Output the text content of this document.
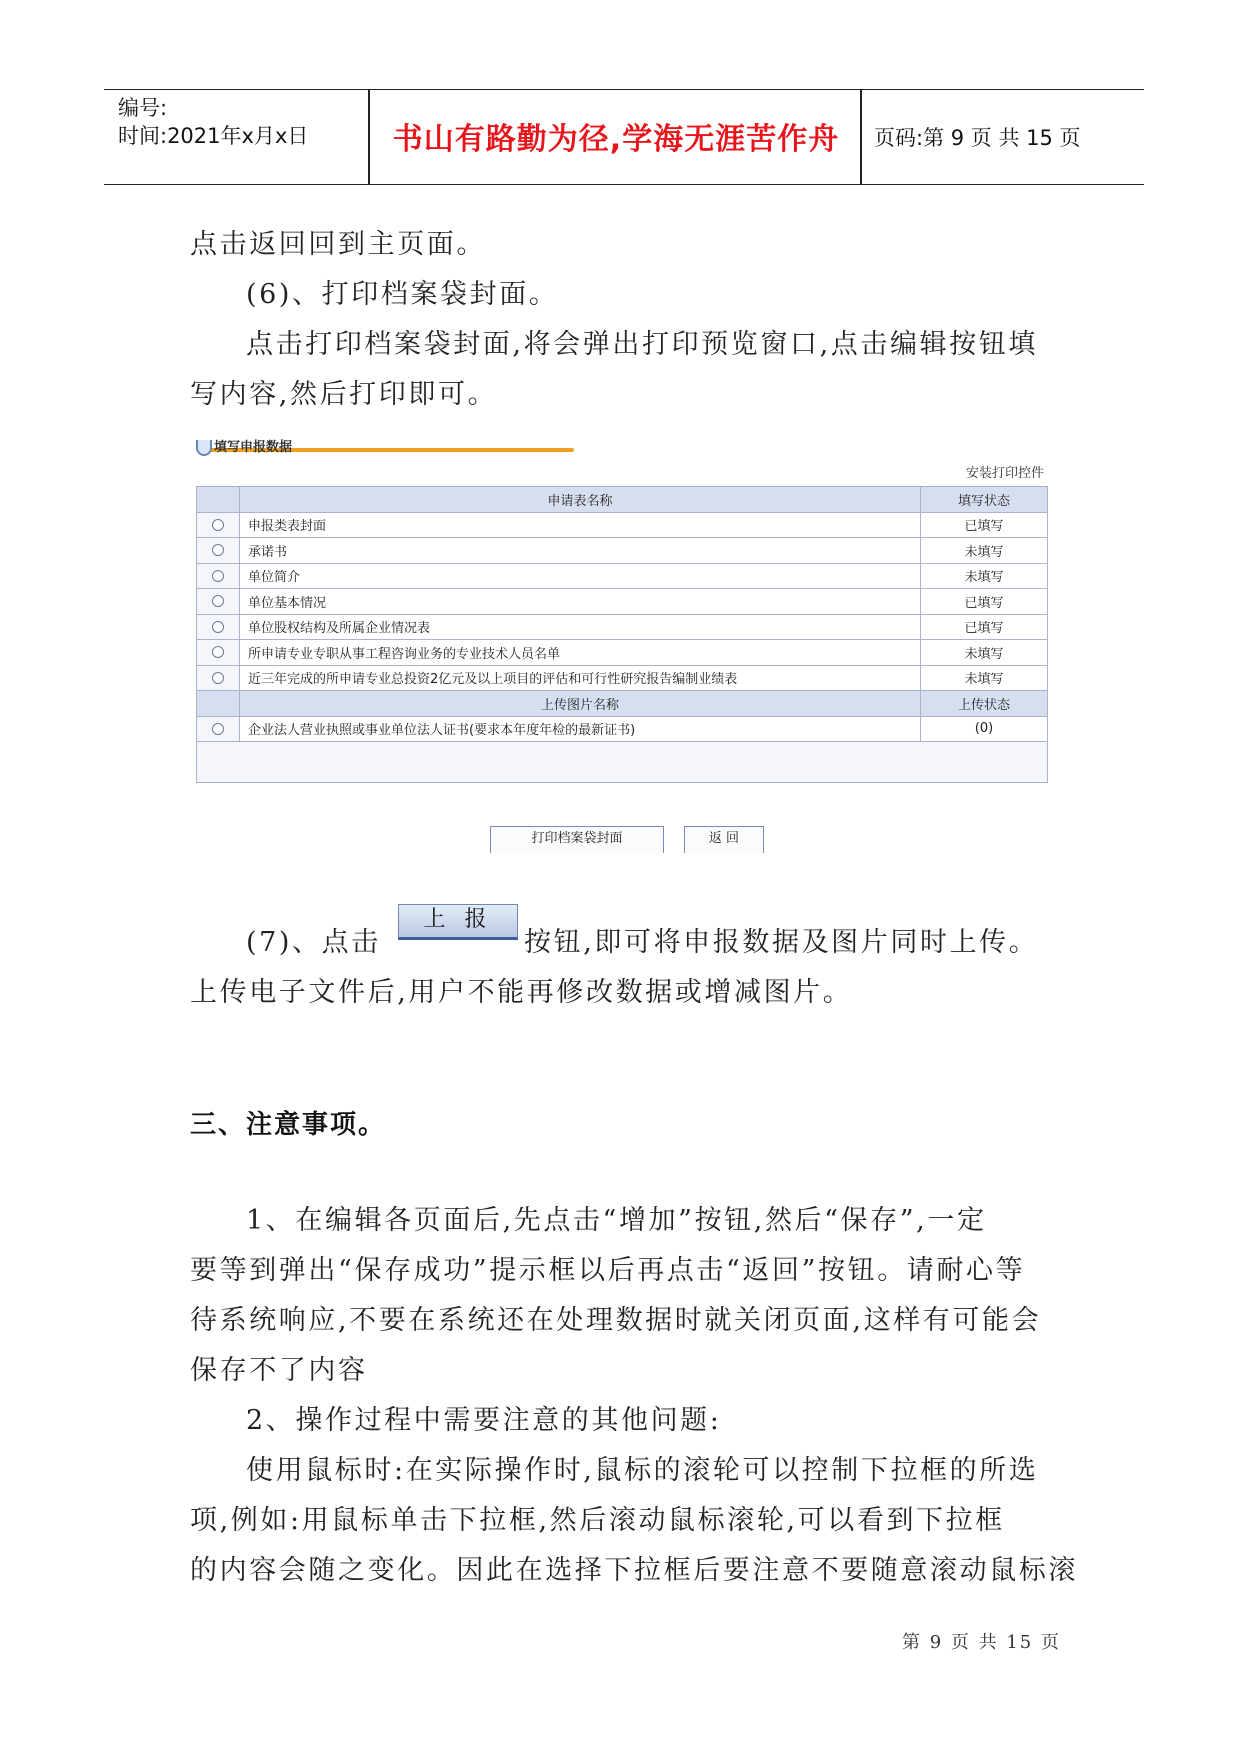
编号:
时间:2021年x月x日	书山有路勤为径,学海无涯苦作舟	页码:第 9 页 共 15 页
点击返回回到主页面。
(6)、打印档案袋封面。
点击打印档案袋封面,将会弹出打印预览窗口,点击编辑按钮填
写内容,然后打印即可。
填写申报数据
安装打印控件
	申请表名称	填写状态
	申报类表封面	已填写
	承诺书	未填写
	单位简介	未填写
	单位基本情况	已填写
	单位股权结构及所属企业情况表	已填写
	所申请专业专职从事工程咨询业务的专业技术人员名单	未填写
	近三年完成的所申请专业总投资2亿元及以上项目的评估和可行性研究报告编制业绩表	未填写
	上传图片名称	上传状态
	企业法人营业执照或事业单位法人证书(要求本年度年检的最新证书)	(0)

打印档案袋封面	返 回
(7)、点击
上 报
按钮,即可将申报数据及图片同时上传。
上传电子文件后,用户不能再修改数据或增减图片。
三、注意事项。
1、在编辑各页面后,先点击“增加”按钮,然后“保存”,一定
要等到弹出“保存成功”提示框以后再点击“返回”按钮。请耐心等
待系统响应,不要在系统还在处理数据时就关闭页面,这样有可能会
保存不了内容
2、操作过程中需要注意的其他问题:
使用鼠标时:在实际操作时,鼠标的滚轮可以控制下拉框的所选
项,例如:用鼠标单击下拉框,然后滚动鼠标滚轮,可以看到下拉框
的内容会随之变化。因此在选择下拉框后要注意不要随意滚动鼠标滚
第 9 页 共 15 页
